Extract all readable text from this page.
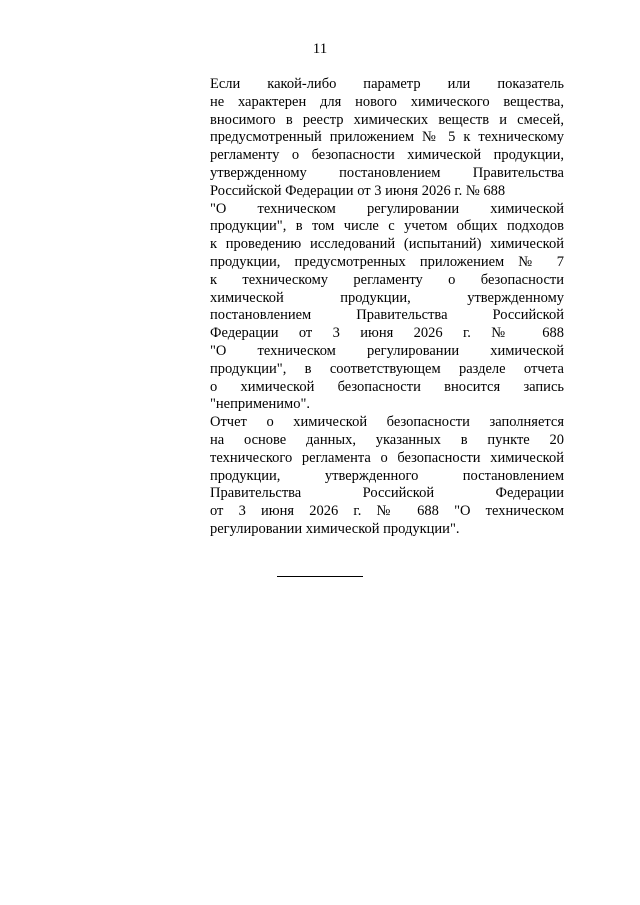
11
Если какой-либо параметр или показатель
не характерен для нового химического вещества,
вносимого в реестр химических веществ и смесей,
предусмотренный приложением № 5 к техническому
регламенту о безопасности химической продукции,
утвержденному постановлением Правительства
Российской Федерации от 3 июня 2026 г. № 688
"О техническом регулировании химической
продукции", в том числе с учетом общих подходов
к проведению исследований (испытаний) химической
продукции, предусмотренных приложением № 7
к техническому регламенту о безопасности
химической продукции, утвержденному
постановлением Правительства Российской
Федерации от 3 июня 2026 г. № 688
"О техническом регулировании химической
продукции", в соответствующем разделе отчета
о химической безопасности вносится запись
"неприменимо".
Отчет о химической безопасности заполняется
на основе данных, указанных в пункте 20
технического регламента о безопасности химической
продукции, утвержденного постановлением
Правительства Российской Федерации
от 3 июня 2026 г. № 688 "О техническом
регулировании химической продукции".
